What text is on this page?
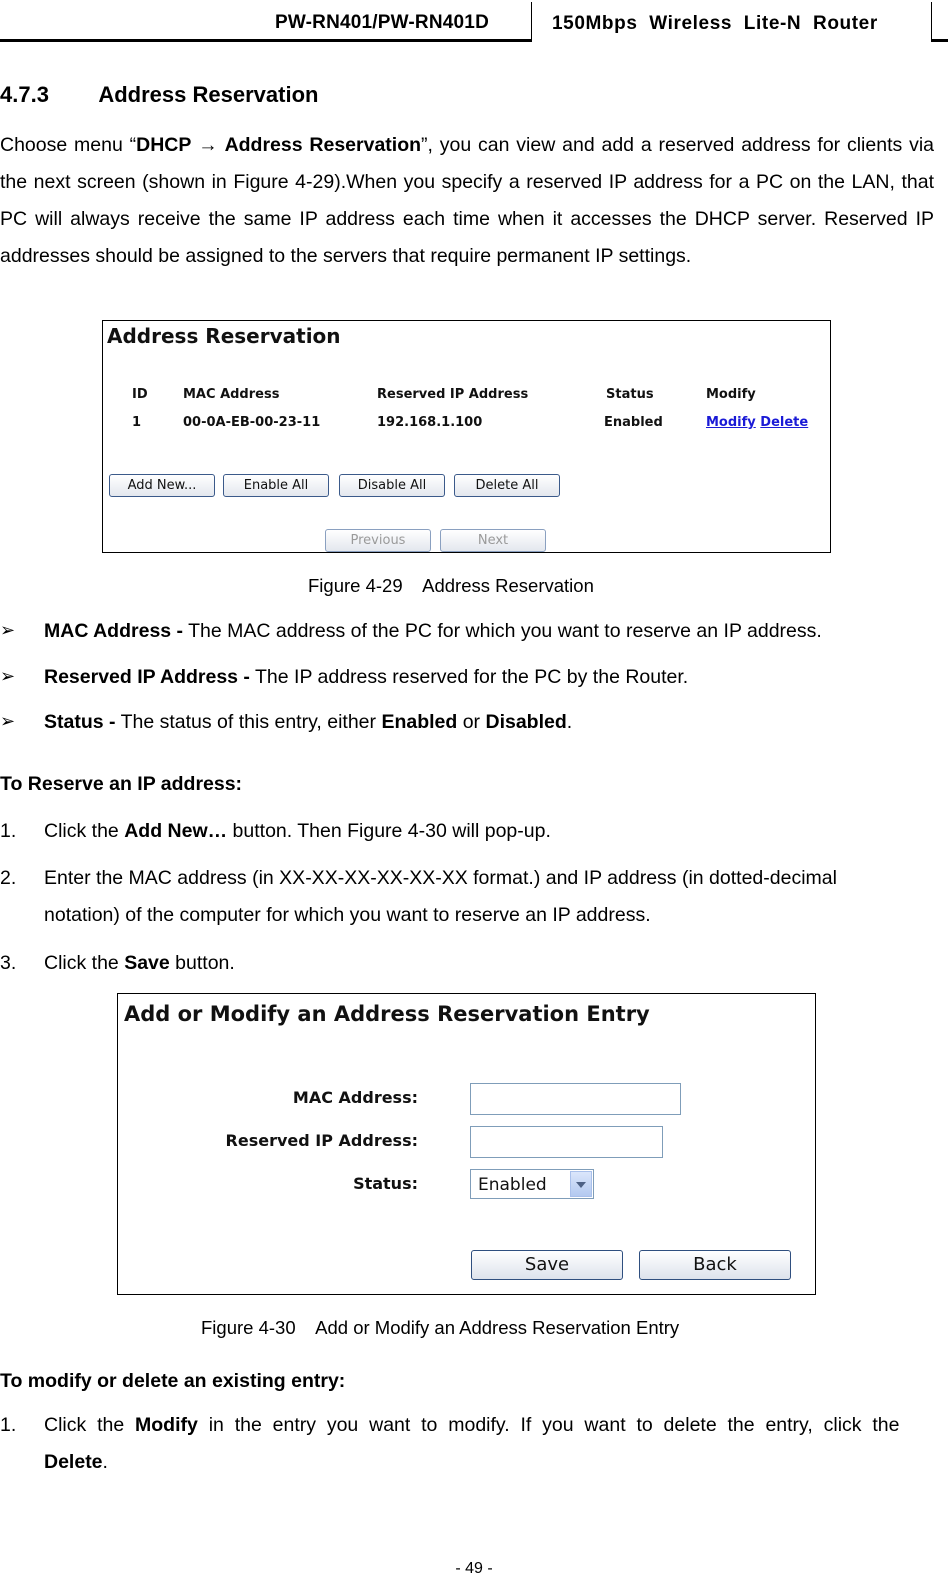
PW-RN401/PW-RN401D	150Mbps  Wireless  Lite-N  Router
4.7.3 Address Reservation
Choose menu “DHCP → Address Reservation”, you can view and add a reserved address for clients via the next screen (shown in Figure 4-29).When you specify a reserved IP address for a PC on the LAN, that PC will always receive the same IP address each time when it accesses the DHCP server. Reserved IP addresses should be assigned to the servers that require permanent IP settings.
Address Reservation
ID	MAC Address	Reserved IP Address	Status	Modify
1	00-0A-EB-00-23-11	192.168.1.100	Enabled	Modify Delete
Add New...	Enable All	Disable All	Delete All
Previous	Next
Figure 4-29    Address Reservation
➢ MAC Address - The MAC address of the PC for which you want to reserve an IP address.
➢ Reserved IP Address - The IP address reserved for the PC by the Router.
➢ Status - The status of this entry, either Enabled or Disabled.
To Reserve an IP address:
1. Click the Add New… button. Then Figure 4-30 will pop-up.
2. Enter the MAC address (in XX-XX-XX-XX-XX-XX format.) and IP address (in dotted-decimal
notation) of the computer for which you want to reserve an IP address.
3. Click the Save button.
Add or Modify an Address Reservation Entry
MAC Address:
Reserved IP Address:
Status:	Enabled
Save	Back
Figure 4-30    Add or Modify an Address Reservation Entry
To modify or delete an existing entry:
1. Click  the  Modify  in  the  entry  you  want  to  modify.  If  you  want  to  delete  the  entry,  click  the
Delete.
- 49 -
